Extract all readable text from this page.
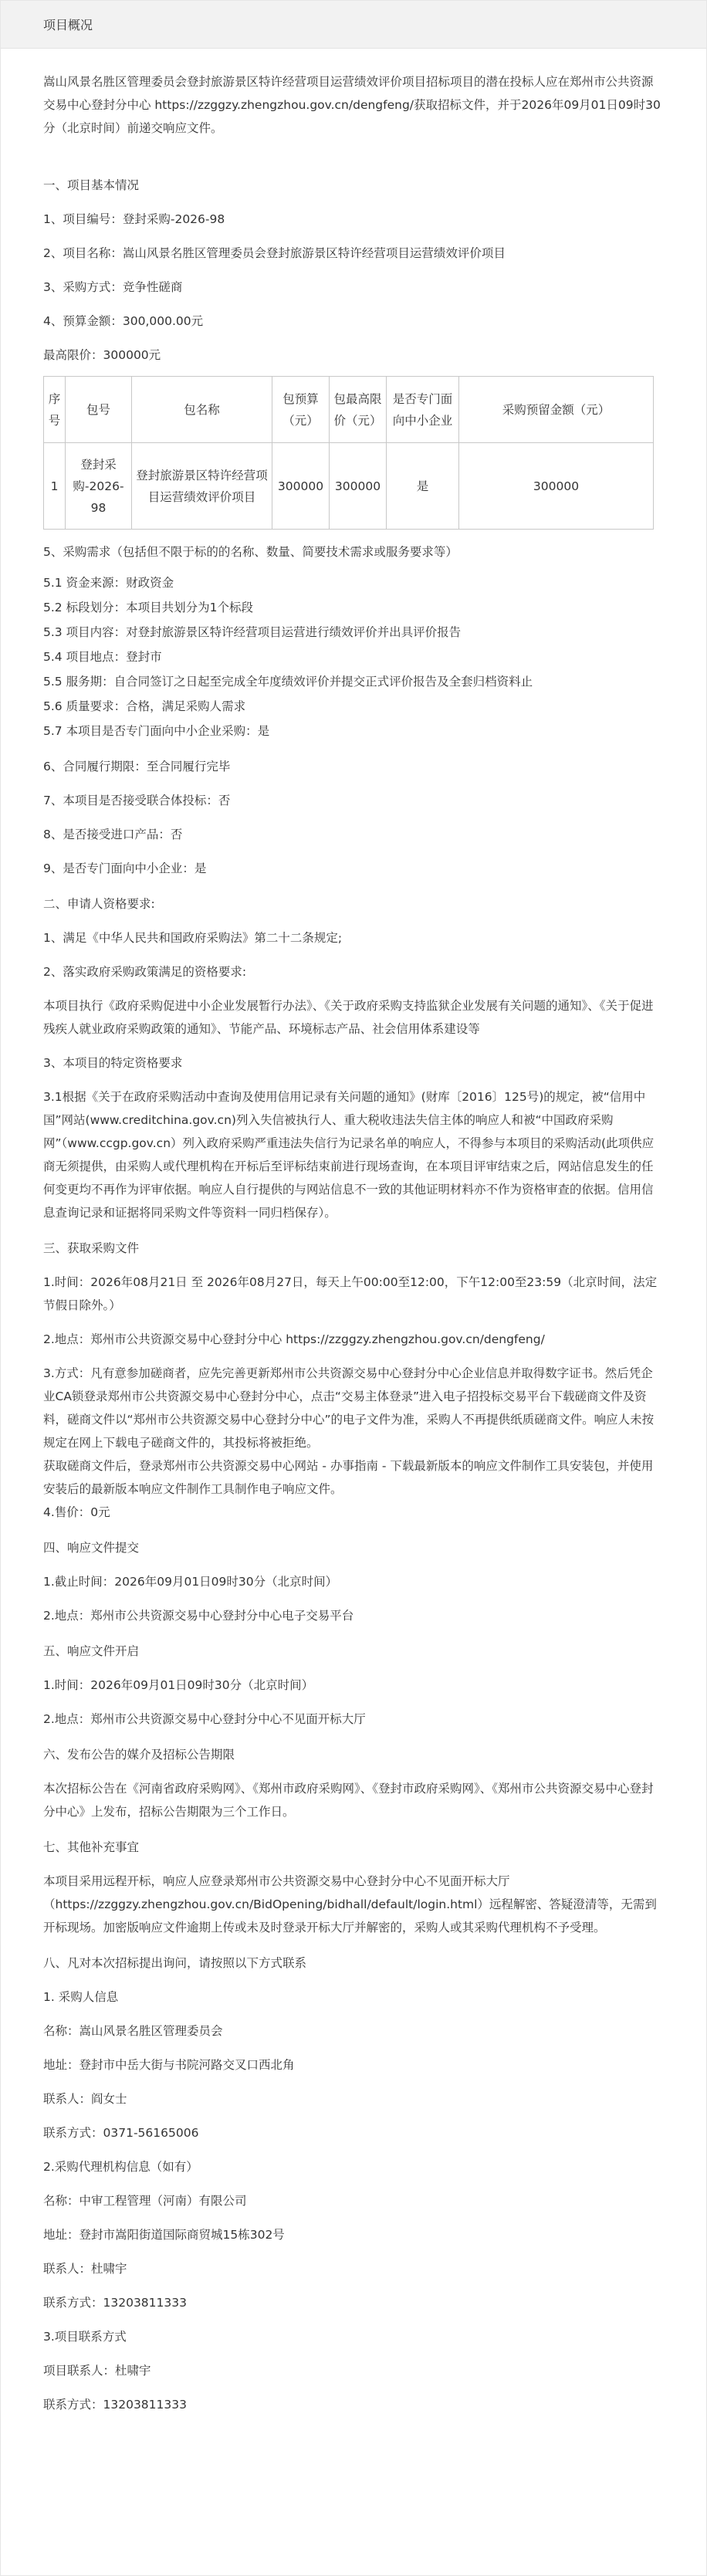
项目概况

嵩山风景名胜区管理委员会登封旅游景区特许经营项目运营绩效评价项目招标项目的潜在投标人应在郑州市公共资源交易中心登封分中心 https://zzggzy.zhengzhou.gov.cn/dengfeng/获取招标文件，并于2026年09月01日09时30分（北京时间）前递交响应文件。

一、项目基本情况

1、项目编号：登封采购-2026-98

2、项目名称：嵩山风景名胜区管理委员会登封旅游景区特许经营项目运营绩效评价项目

3、采购方式：竞争性磋商

4、预算金额：300,000.00元

最高限价：300000元

序号	包号	包名称	包预算（元）	包最高限价（元）	是否专门面向中小企业	采购预留金额（元）
1	登封采购-2026-98	登封旅游景区特许经营项目运营绩效评价项目	300000	300000	是	300000

5、采购需求（包括但不限于标的的名称、数量、简要技术需求或服务要求等）

5.1 资金来源：财政资金

5.2 标段划分：本项目共划分为1个标段

5.3 项目内容：对登封旅游景区特许经营项目运营进行绩效评价并出具评价报告

5.4 项目地点：登封市

5.5 服务期：自合同签订之日起至完成全年度绩效评价并提交正式评价报告及全套归档资料止

5.6 质量要求：合格，满足采购人需求

5.7 本项目是否专门面向中小企业采购：是

6、合同履行期限：至合同履行完毕

7、本项目是否接受联合体投标：否

8、是否接受进口产品：否

9、是否专门面向中小企业：是

二、申请人资格要求:

1、满足《中华人民共和国政府采购法》第二十二条规定;

2、落实政府采购政策满足的资格要求:

本项目执行《政府采购促进中小企业发展暂行办法》、《关于政府采购支持监狱企业发展有关问题的通知》、《关于促进残疾人就业政府采购政策的通知》、节能产品、环境标志产品、社会信用体系建设等

3、本项目的特定资格要求

3.1根据《关于在政府采购活动中查询及使用信用记录有关问题的通知》(财库〔2016〕125号)的规定，被“信用中国”网站(www.creditchina.gov.cn)列入失信被执行人、重大税收违法失信主体的响应人和被“中国政府采购网”（www.ccgp.gov.cn）列入政府采购严重违法失信行为记录名单的响应人，不得参与本项目的采购活动(此项供应商无须提供，由采购人或代理机构在开标后至评标结束前进行现场查询，在本项目评审结束之后，网站信息发生的任何变更均不再作为评审依据。响应人自行提供的与网站信息不一致的其他证明材料亦不作为资格审查的依据。信用信息查询记录和证据将同采购文件等资料一同归档保存）。

三、获取采购文件

1.时间：2026年08月21日 至 2026年08月27日，每天上午00:00至12:00，下午12:00至23:59（北京时间，法定节假日除外。）

2.地点：郑州市公共资源交易中心登封分中心 https://zzggzy.zhengzhou.gov.cn/dengfeng/

3.方式：凡有意参加磋商者，应先完善更新郑州市公共资源交易中心登封分中心企业信息并取得数字证书。然后凭企业CA锁登录郑州市公共资源交易中心登封分中心，点击“交易主体登录”进入电子招投标交易平台下载磋商文件及资料，磋商文件以“郑州市公共资源交易中心登封分中心”的电子文件为准，采购人不再提供纸质磋商文件。响应人未按规定在网上下载电子磋商文件的，其投标将被拒绝。

获取磋商文件后，登录郑州市公共资源交易中心网站 - 办事指南 - 下载最新版本的响应文件制作工具安装包，并使用安装后的最新版本响应文件制作工具制作电子响应文件。

4.售价：0元

四、响应文件提交

1.截止时间：2026年09月01日09时30分（北京时间）

2.地点：郑州市公共资源交易中心登封分中心电子交易平台

五、响应文件开启

1.时间：2026年09月01日09时30分（北京时间）

2.地点：郑州市公共资源交易中心登封分中心不见面开标大厅

六、发布公告的媒介及招标公告期限

本次招标公告在《河南省政府采购网》、《郑州市政府采购网》、《登封市政府采购网》、《郑州市公共资源交易中心登封分中心》上发布，招标公告期限为三个工作日。

七、其他补充事宜

本项目采用远程开标，响应人应登录郑州市公共资源交易中心登封分中心不见面开标大厅（https://zzggzy.zhengzhou.gov.cn/BidOpening/bidhall/default/login.html）远程解密、答疑澄清等，无需到开标现场。加密版响应文件逾期上传或未及时登录开标大厅并解密的，采购人或其采购代理机构不予受理。

八、凡对本次招标提出询问，请按照以下方式联系

1. 采购人信息

名称：嵩山风景名胜区管理委员会

地址：登封市中岳大街与书院河路交叉口西北角

联系人：阎女士

联系方式：0371-56165006

2.采购代理机构信息（如有）

名称：中审工程管理（河南）有限公司

地址：登封市嵩阳街道国际商贸城15栋302号

联系人：杜啸宇

联系方式：13203811333

3.项目联系方式

项目联系人：杜啸宇

联系方式：13203811333
